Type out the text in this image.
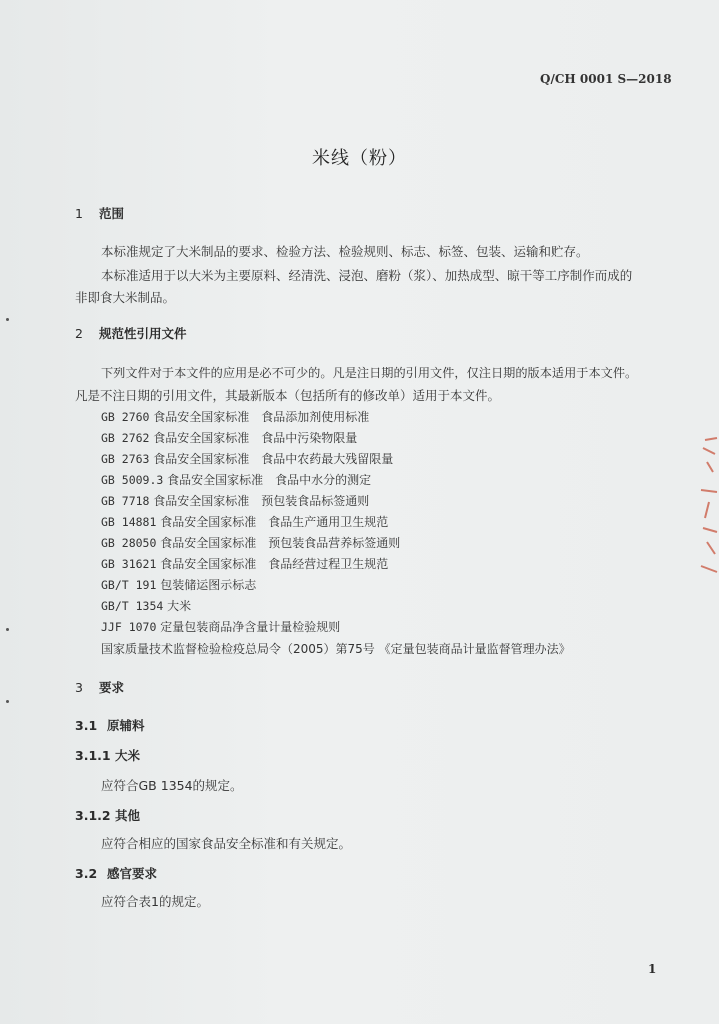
Q/CH 0001 S—2018
米线（粉）
1 范围
本标准规定了大米制品的要求、检验方法、检验规则、标志、标签、包装、运输和贮存。
本标准适用于以大米为主要原料、经清洗、浸泡、磨粉（浆）、加热成型、晾干等工序制作而成的
非即食大米制品。
2 规范性引用文件
下列文件对于本文件的应用是必不可少的。凡是注日期的引用文件，仅注日期的版本适用于本文件。
凡是不注日期的引用文件，其最新版本（包括所有的修改单）适用于本文件。
GB 2760 食品安全国家标准　食品添加剂使用标准
GB 2762 食品安全国家标准　食品中污染物限量
GB 2763 食品安全国家标准　食品中农药最大残留限量
GB 5009.3 食品安全国家标准　食品中水分的测定
GB 7718 食品安全国家标准　预包装食品标签通则
GB 14881 食品安全国家标准　食品生产通用卫生规范
GB 28050 食品安全国家标准　预包装食品营养标签通则
GB 31621 食品安全国家标准　食品经营过程卫生规范
GB/T 191 包装储运图示标志
GB/T 1354 大米
JJF 1070 定量包装商品净含量计量检验规则
国家质量技术监督检验检疫总局令（2005）第75号 《定量包装商品计量监督管理办法》
3 要求
3.1 原辅料
3.1.1 大米
应符合GB 1354的规定。
3.1.2 其他
应符合相应的国家食品安全标准和有关规定。
3.2 感官要求
应符合表1的规定。
1
